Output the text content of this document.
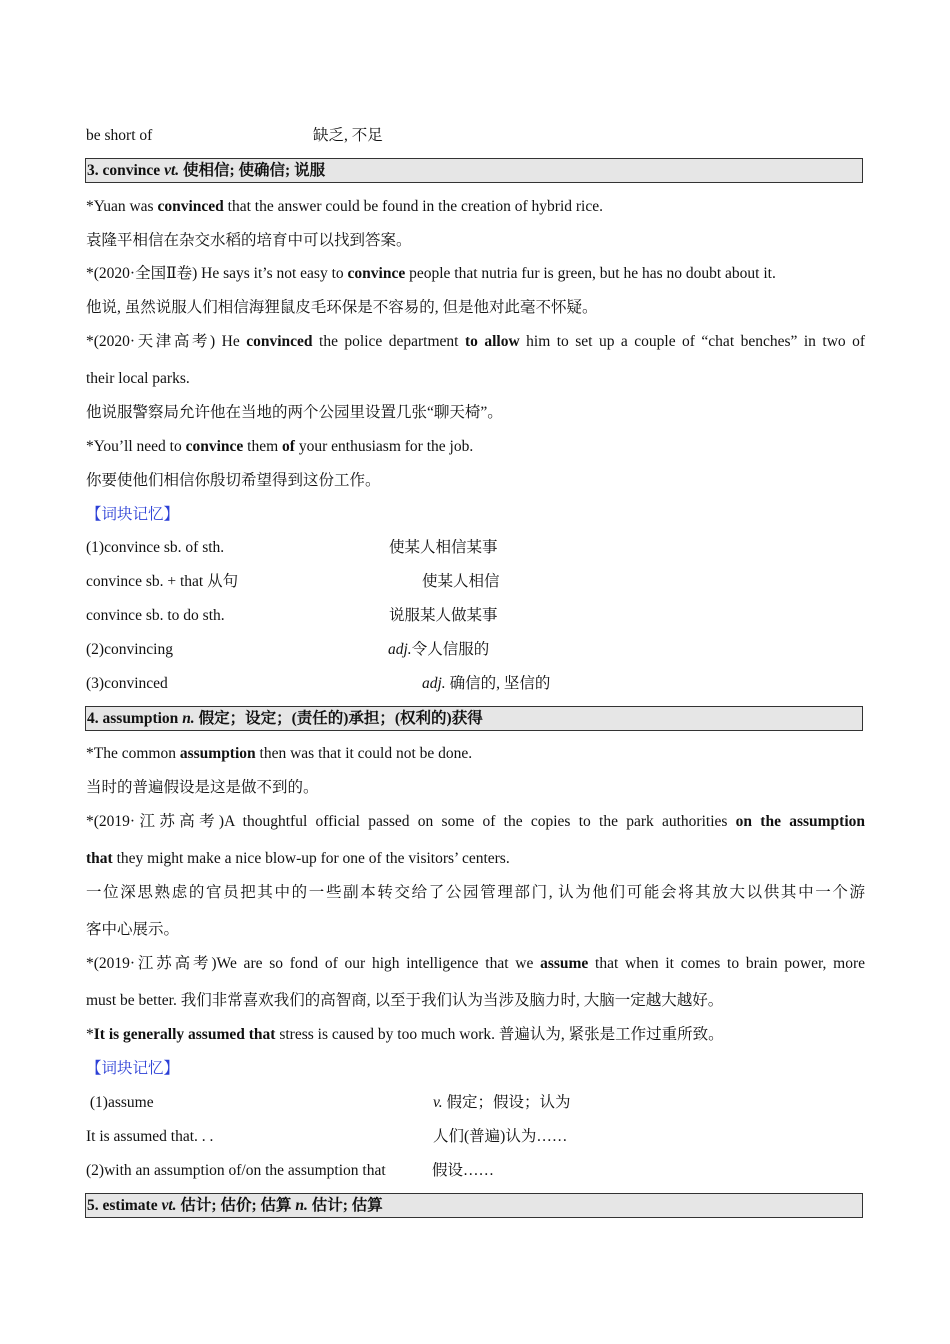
be short of	缺乏, 不足
3. convince vt. 使相信; 使确信; 说服
*Yuan was convinced that the answer could be found in the creation of hybrid rice.
袁隆平相信在杂交水稻的培育中可以找到答案。
*(2020·全国Ⅱ卷) He says it’s not easy to convince people that nutria fur is green, but he has no doubt about it.
他说, 虽然说服人们相信海狸鼠皮毛环保是不容易的, 但是他对此毫不怀疑。
*(2020·天津高考) He convinced the police department to allow him to set up a couple of “chat benches” in two of
their local parks.
他说服警察局允许他在当地的两个公园里设置几张“聊天椅”。
*You’ll need to convince them of your enthusiasm for the job.
你要使他们相信你殷切希望得到这份工作。
【词块记忆】
(1)convince sb. of sth.	使某人相信某事
convince sb. + that 从句	使某人相信
convince sb. to do sth.	说服某人做某事
(2)convincing	adj.令人信服的
(3)convinced	adj. 确信的, 坚信的
4. assumption n. 假定；设定；(责任的)承担；(权利的)获得
*The common assumption then was that it could not be done.
当时的普遍假设是这是做不到的。
*(2019·江苏高考)A thoughtful official passed on some of the copies to the park authorities on the assumption
that they might make a nice blow-up for one of the visitors’ centers.
一位深思熟虑的官员把其中的一些副本转交给了公园管理部门, 认为他们可能会将其放大以供其中一个游
客中心展示。
*(2019·江苏高考)We are so fond of our high intelligence that we assume that when it comes to brain power, more
must be better. 我们非常喜欢我们的高智商, 以至于我们认为当涉及脑力时, 大脑一定越大越好。
*It is generally assumed that stress is caused by too much work. 普遍认为, 紧张是工作过重所致。
【词块记忆】
(1)assume	v. 假定；假设；认为
It is assumed that. . .	人们(普遍)认为……
(2)with an assumption of/on the assumption that	假设……
5. estimate vt. 估计; 估价; 估算 n. 估计; 估算
